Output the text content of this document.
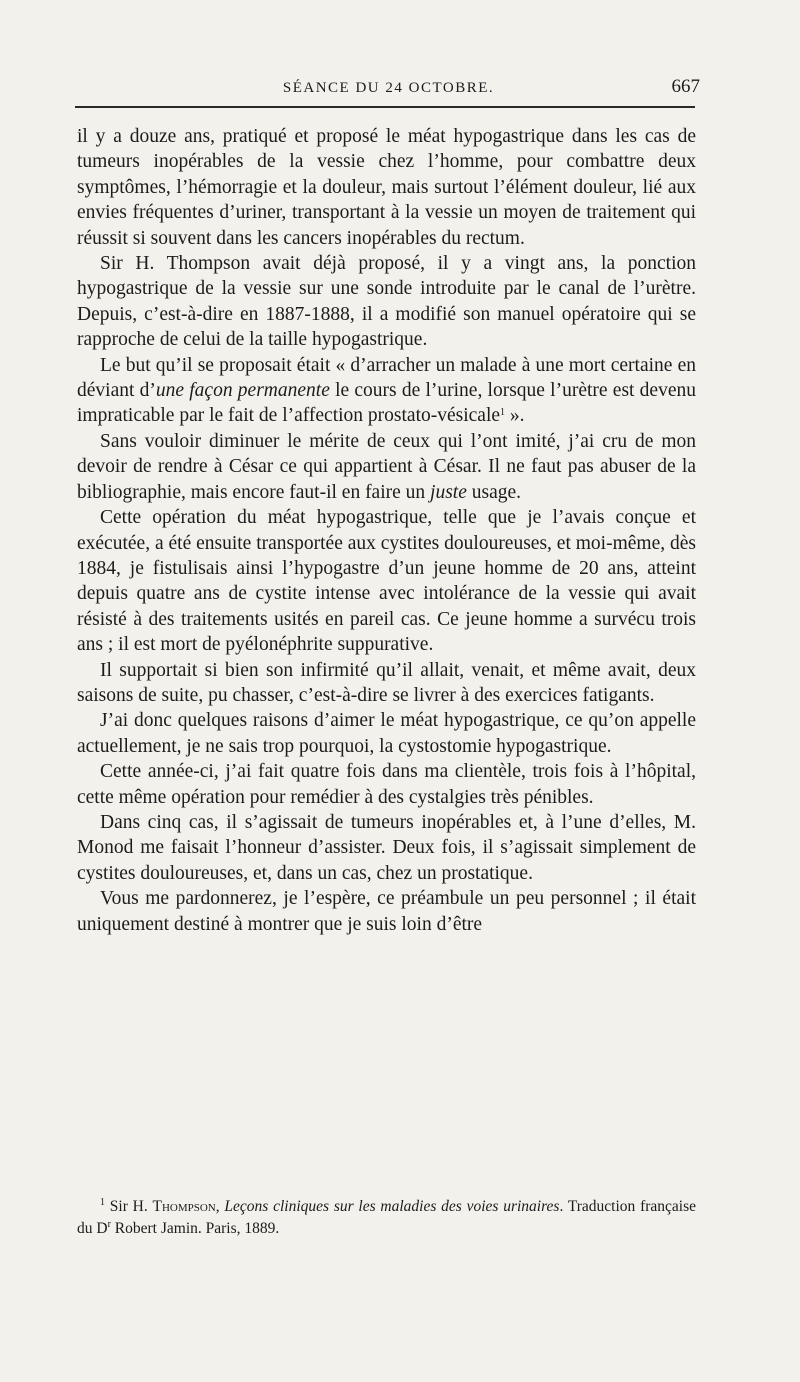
SÉANCE DU 24 OCTOBRE.	667

il y a douze ans, pratiqué et proposé le méat hypogastrique dans les cas de tumeurs inopérables de la vessie chez l’homme, pour combattre deux symptômes, l’hémorragie et la douleur, mais surtout l’élément douleur, lié aux envies fréquentes d’uriner, transportant à la vessie un moyen de traitement qui réussit si souvent dans les cancers inopérables du rectum.

Sir H. Thompson avait déjà proposé, il y a vingt ans, la ponction hypogastrique de la vessie sur une sonde introduite par le canal de l’urètre. Depuis, c’est-à-dire en 1887-1888, il a modifié son manuel opératoire qui se rapproche de celui de la taille hypogastrique.

Le but qu’il se proposait était « d’arracher un malade à une mort certaine en déviant d’une façon permanente le cours de l’urine, lorsque l’urètre est devenu impraticable par le fait de l’affection prostato-vésicale$^1$ ».

Sans vouloir diminuer le mérite de ceux qui l’ont imité, j’ai cru de mon devoir de rendre à César ce qui appartient à César. Il ne faut pas abuser de la bibliographie, mais encore faut-il en faire un juste usage.

Cette opération du méat hypogastrique, telle que je l’avais conçue et exécutée, a été ensuite transportée aux cystites douloureuses, et moi-même, dès 1884, je fistulisais ainsi l’hypogastre d’un jeune homme de 20 ans, atteint depuis quatre ans de cystite intense avec intolérance de la vessie qui avait résisté à des traitements usités en pareil cas. Ce jeune homme a survécu trois ans ; il est mort de pyélonéphrite suppurative.

Il supportait si bien son infirmité qu’il allait, venait, et même avait, deux saisons de suite, pu chasser, c’est-à-dire se livrer à des exercices fatigants.

J’ai donc quelques raisons d’aimer le méat hypogastrique, ce qu’on appelle actuellement, je ne sais trop pourquoi, la cystostomie hypogastrique.

Cette année-ci, j’ai fait quatre fois dans ma clientèle, trois fois à l’hôpital, cette même opération pour remédier à des cystalgies très pénibles.

Dans cinq cas, il s’agissait de tumeurs inopérables et, à l’une d’elles, M. Monod me faisait l’honneur d’assister. Deux fois, il s’agissait simplement de cystites douloureuses, et, dans un cas, chez un prostatique.

Vous me pardonnerez, je l’espère, ce préambule un peu personnel ; il était uniquement destiné à montrer que je suis loin d’être

$^1$ Sir H. Thompson, Leçons cliniques sur les maladies des voies urinaires. Traduction française du $D^r$ Robert Jamin. Paris, 1889.
